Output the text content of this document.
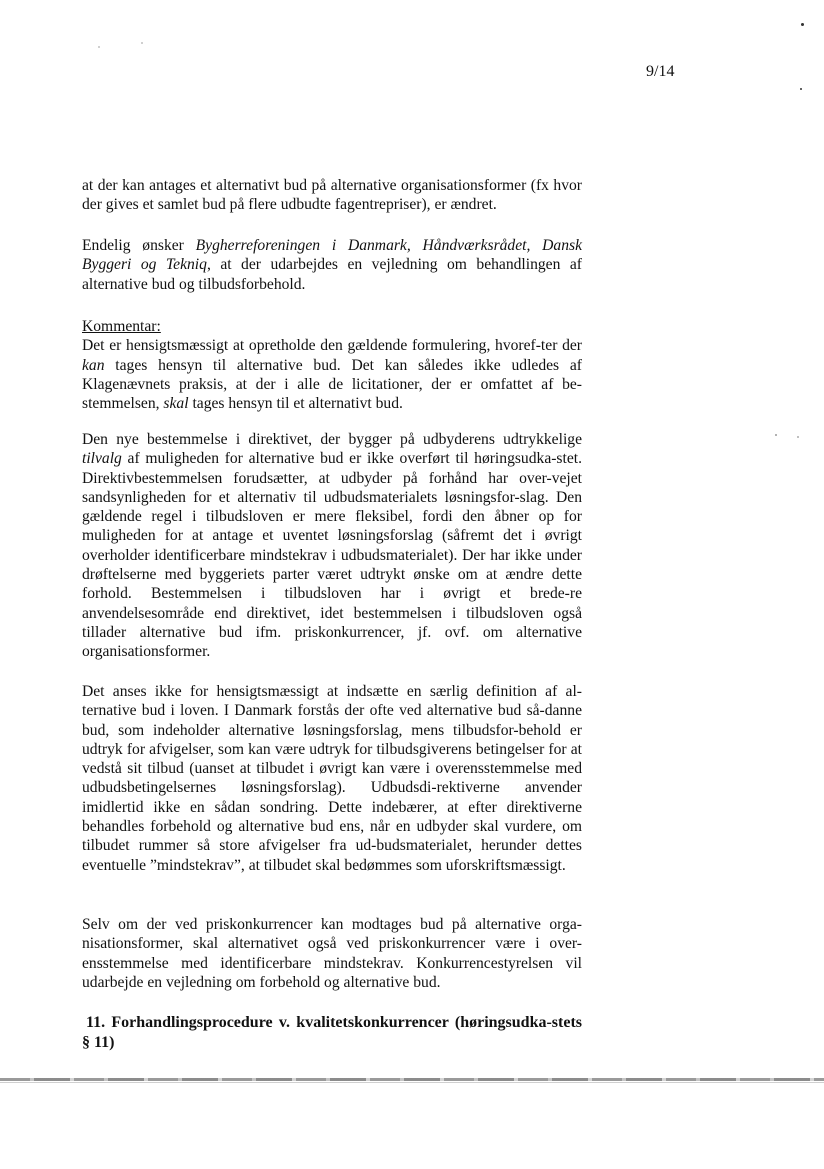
9/14

at der kan antages et alternativt bud på alternative organisationsformer (fx hvor der gives et samlet bud på flere udbudte fagentrepriser), er ændret.

Endelig ønsker Bygherreforeningen i Danmark, Håndværksrådet, Dansk Byggeri og Tekniq, at der udarbejdes en vejledning om behandlingen af alternative bud og tilbudsforbehold.

Kommentar:

Det er hensigtsmæssigt at opretholde den gældende formulering, hvoref-ter der kan tages hensyn til alternative bud. Det kan således ikke udledes af Klagenævnets praksis, at der i alle de licitationer, der er omfattet af be-stemmelsen, skal tages hensyn til et alternativt bud.

Den nye bestemmelse i direktivet, der bygger på udbyderens udtrykkelige tilvalg af muligheden for alternative bud er ikke overført til høringsudka-stet. Direktivbestemmelsen forudsætter, at udbyder på forhånd har over-vejet sandsynligheden for et alternativ til udbudsmaterialets løsningsfor-slag. Den gældende regel i tilbudsloven er mere fleksibel, fordi den åbner op for muligheden for at antage et uventet løsningsforslag (såfremt det i øvrigt overholder identificerbare mindstekrav i udbudsmaterialet). Der har ikke under drøftelserne med byggeriets parter været udtrykt ønske om at ændre dette forhold. Bestemmelsen i tilbudsloven har i øvrigt et brede-re anvendelsesområde end direktivet, idet bestemmelsen i tilbudsloven også tillader alternative bud ifm. priskonkurrencer, jf. ovf. om alternative organisationsformer.

Det anses ikke for hensigtsmæssigt at indsætte en særlig definition af al-ternative bud i loven. I Danmark forstås der ofte ved alternative bud så-danne bud, som indeholder alternative løsningsforslag, mens tilbudsfor-behold er udtryk for afvigelser, som kan være udtryk for tilbudsgiverens betingelser for at vedstå sit tilbud (uanset at tilbudet i øvrigt kan være i overensstemmelse med udbudsbetingelsernes løsningsforslag). Udbudsdi-rektiverne anvender imidlertid ikke en sådan sondring. Dette indebærer, at efter direktiverne behandles forbehold og alternative bud ens, når en udbyder skal vurdere, om tilbudet rummer så store afvigelser fra ud-budsmaterialet, herunder dettes eventuelle ”mindstekrav”, at tilbudet skal bedømmes som uforskriftsmæssigt.

Selv om der ved priskonkurrencer kan modtages bud på alternative orga-nisationsformer, skal alternativet også ved priskonkurrencer være i over-ensstemmelse med identificerbare mindstekrav. Konkurrencestyrelsen vil udarbejde en vejledning om forbehold og alternative bud.

11. Forhandlingsprocedure v. kvalitetskonkurrencer (høringsudka-stets § 11)
